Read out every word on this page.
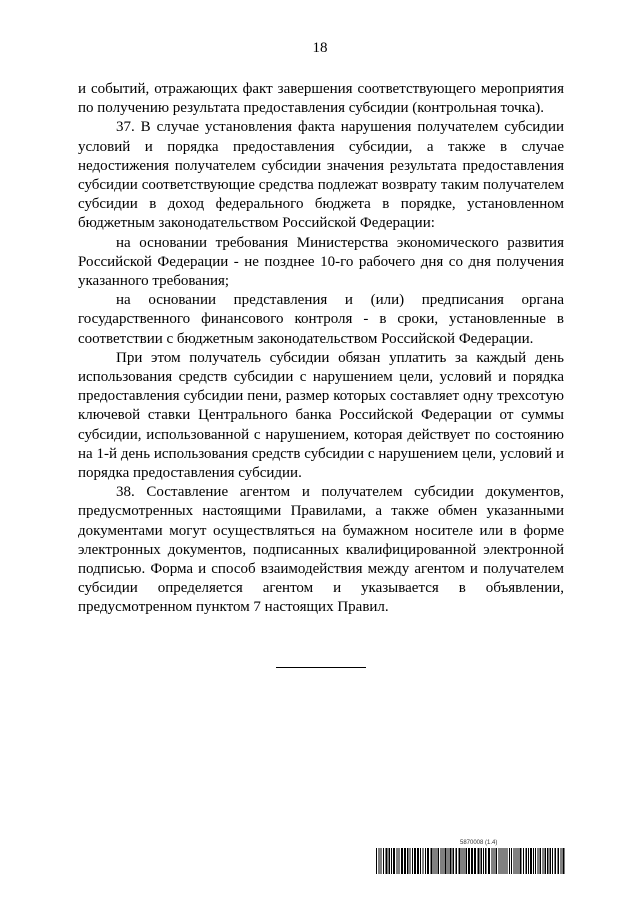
18

и событий, отражающих факт завершения соответствующего мероприятия по получению результата предоставления субсидии (контрольная точка).

37. В случае установления факта нарушения получателем субсидии условий и порядка предоставления субсидии, а также в случае недостижения получателем субсидии значения результата предоставления субсидии соответствующие средства подлежат возврату таким получателем субсидии в доход федерального бюджета в порядке, установленном бюджетным законодательством Российской Федерации:

на основании требования Министерства экономического развития Российской Федерации - не позднее 10-го рабочего дня со дня получения указанного требования;

на основании представления и (или) предписания органа государственного финансового контроля - в сроки, установленные в соответствии с бюджетным законодательством Российской Федерации.

При этом получатель субсидии обязан уплатить за каждый день использования средств субсидии с нарушением цели, условий и порядка предоставления субсидии пени, размер которых составляет одну трехсотую ключевой ставки Центрального банка Российской Федерации от суммы субсидии, использованной с нарушением, которая действует по состоянию на 1-й день использования средств субсидии с нарушением цели, условий и порядка предоставления субсидии.

38. Составление агентом и получателем субсидии документов, предусмотренных настоящими Правилами, а также обмен указанными документами могут осуществляться на бумажном носителе или в форме электронных документов, подписанных квалифицированной электронной подписью. Форма и способ взаимодействия между агентом и получателем субсидии определяется агентом и указывается в объявлении, предусмотренном пунктом 7 настоящих Правил.

5870008 (1.4)
